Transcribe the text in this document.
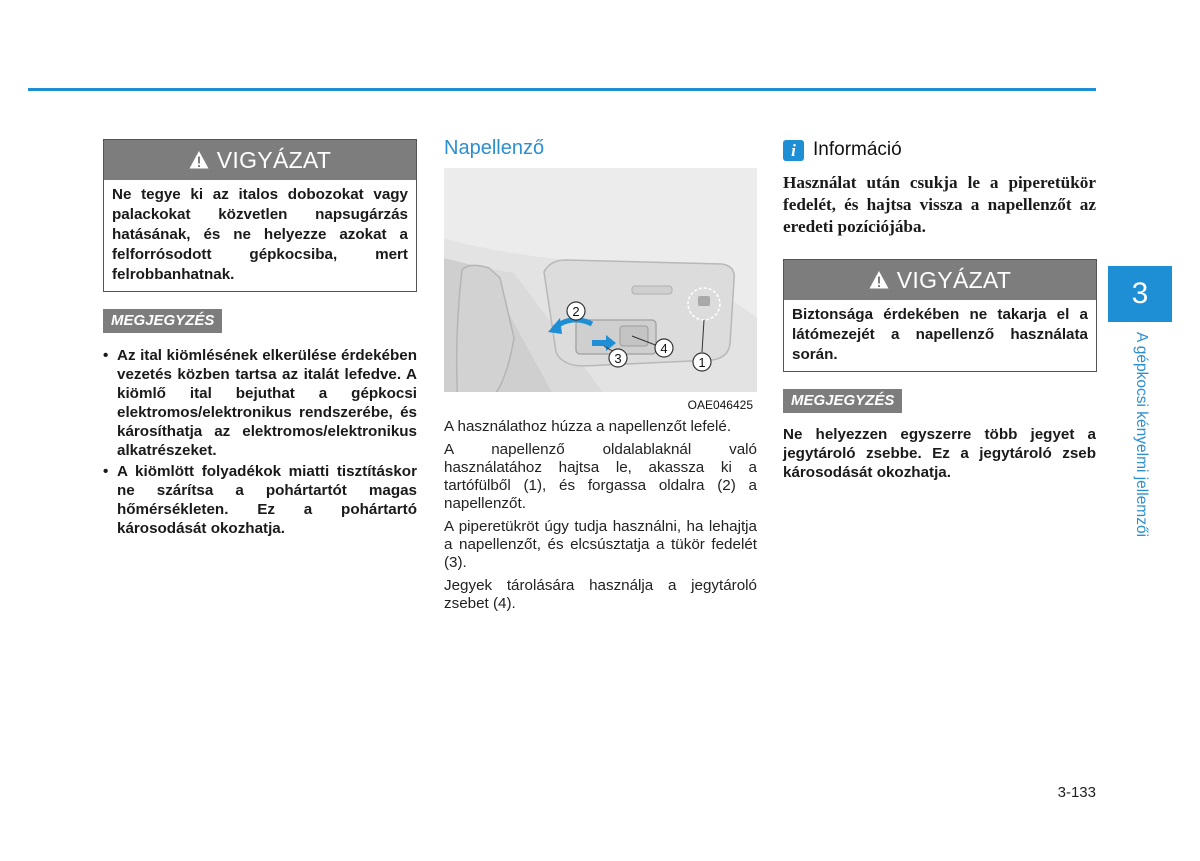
VIGYÁZAT
Ne tegye ki az italos dobozokat vagy palackokat közvetlen napsugárzás hatásának, és ne helyezze azokat a felforrósodott gépkocsiba, mert felrobbanhatnak.
MEGJEGYZÉS
• Az ital kiömlésének elkerülése érdekében vezetés közben tartsa az italát lefedve. A kiömlő ital bejuthat a gépkocsi elektromos/elektronikus rendszerébe, és károsíthatja az elektromos/elektronikus alkatrészeket.
• A kiömlött folyadékok miatti tisztításkor ne szárítsa a pohártartót magas hőmérsékleten. Ez a pohártartó károsodását okozhatja.
Napellenző
1
2
3
4
OAE046425

A használathoz húzza a napellenzőt lefelé.

A napellenző oldalablaknál való használatához hajtsa le, akassza ki a tartófülből (1), és forgassa oldalra (2) a napellenzőt.

A piperetükröt úgy tudja használni, ha lehajtja a napellenzőt, és elcsúsztatja a tükör fedelét (3).

Jegyek tárolására használja a jegytároló zsebet (4).

i Információ
Használat után csukja le a piperetükör fedelét, és hajtsa vissza a napellenzőt az eredeti pozíciójába.
VIGYÁZAT
Biztonsága érdekében ne takarja el a látómezejét a napellenző használata során.
MEGJEGYZÉS
Ne helyezzen egyszerre több jegyet a jegytároló zsebbe. Ez a jegytároló zseb károsodását okozhatja.
3
A gépkocsi kényelmi jellemzői
3-133
